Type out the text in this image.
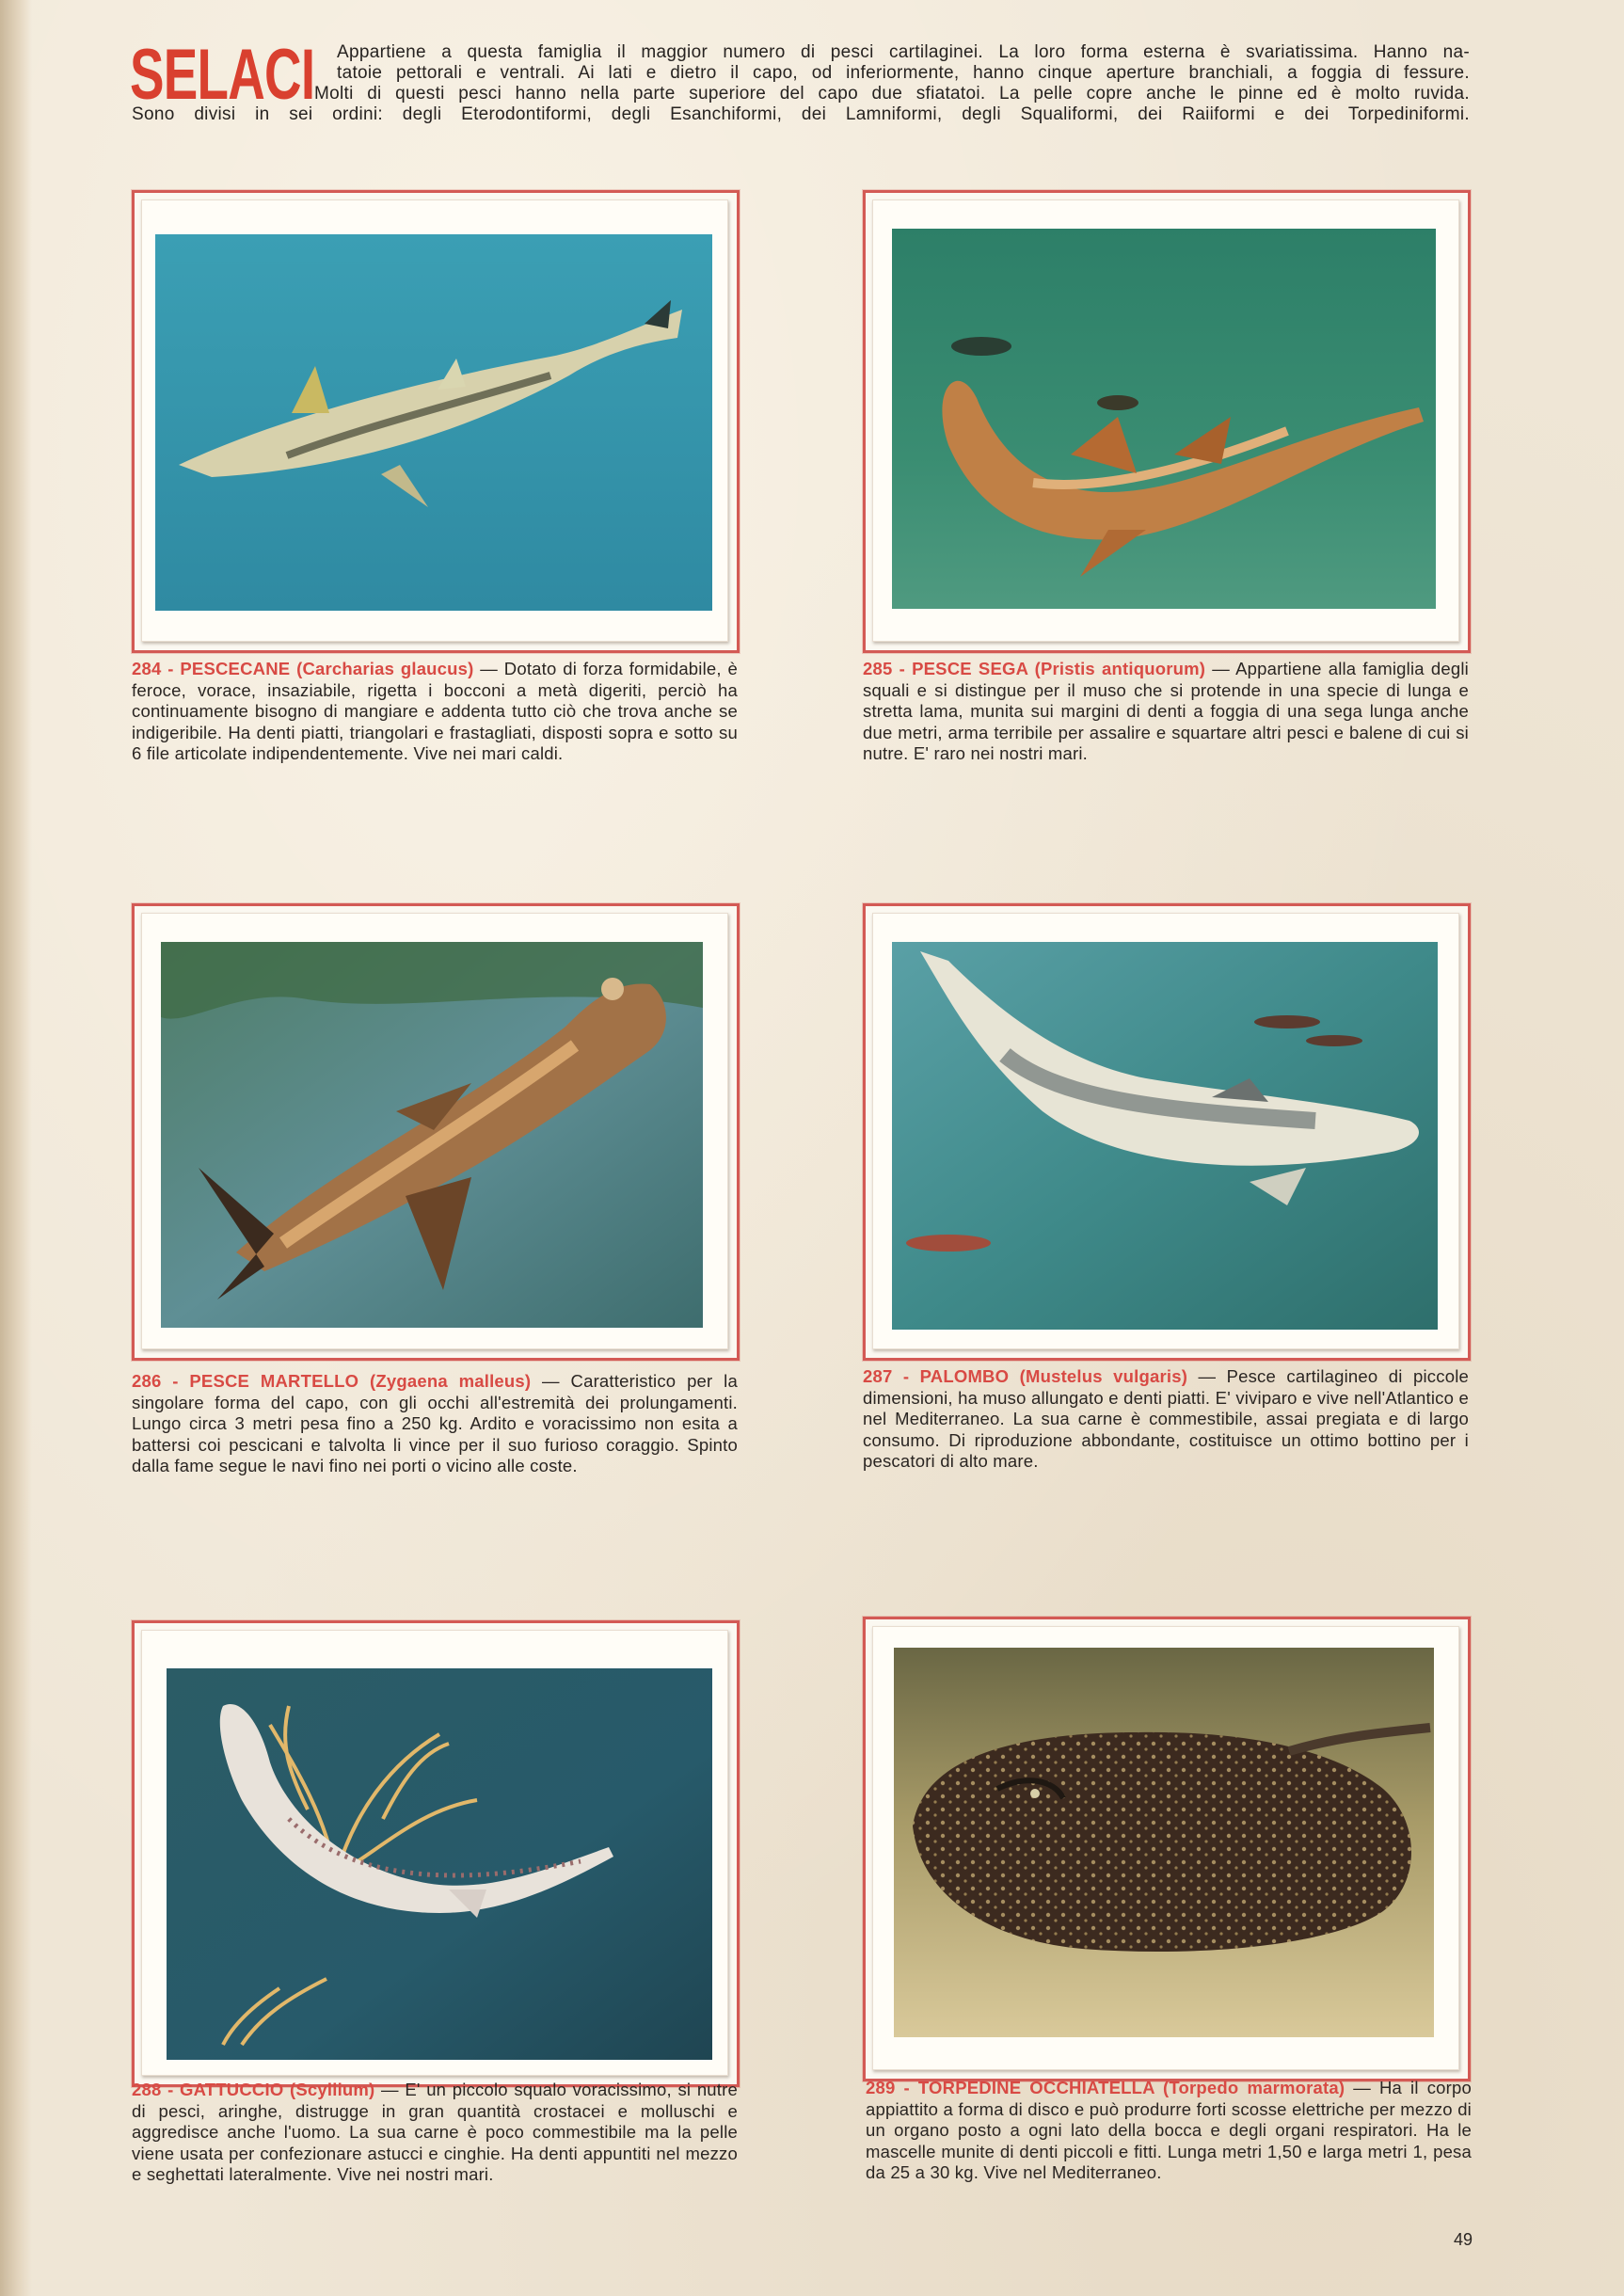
SELACI Appartiene a questa famiglia il maggior numero di pesci cartilaginei. La loro forma esterna è svariatissima. Hanno na-
tatoie pettorali e ventrali. Ai lati e dietro il capo, od inferiormente, hanno cinque aperture branchiali, a foggia di fessure.
Molti di questi pesci hanno nella parte superiore del capo due sfiatatoi. La pelle copre anche le pinne ed è molto ruvida.
Sono divisi in sei ordini: degli Eterodontiformi, degli Esanchiformi, dei Lamniformi, degli Squaliformi, dei Raiiformi e dei Torpediniformi.
284 - PESCECANE (Carcharias glaucus) — Dotato di forza formidabile, è feroce, vorace, insaziabile, rigetta i bocconi a metà digeriti, perciò ha continuamente bisogno di mangiare e addenta tutto ciò che trova anche se indigeribile. Ha denti piatti, triangolari e frastagliati, disposti sopra e sotto su 6 file articolate indipendentemente. Vive nei mari caldi.
285 - PESCE SEGA (Pristis antiquorum) — Appartiene alla famiglia degli squali e si distingue per il muso che si protende in una specie di lunga e stretta lama, munita sui margini di denti a foggia di una sega lunga anche due metri, arma terribile per assalire e squartare altri pesci e balene di cui si nutre. E' raro nei nostri mari.
286 - PESCE MARTELLO (Zygaena malleus) — Caratteristico per la singolare forma del capo, con gli occhi all'estremità dei prolungamenti. Lungo circa 3 metri pesa fino a 250 kg. Ardito e voracissimo non esita a battersi coi pescicani e talvolta li vince per il suo furioso coraggio. Spinto dalla fame segue le navi fino nei porti o vicino alle coste.
287 - PALOMBO (Mustelus vulgaris) — Pesce cartilagineo di piccole dimensioni, ha muso allungato e denti piatti. E' viviparo e vive nell'Atlantico e nel Mediterraneo. La sua carne è commestibile, assai pregiata e di largo consumo. Di riproduzione abbondante, costituisce un ottimo bottino per i pescatori di alto mare.
288 - GATTUCCIO (Scyllium) — E' un piccolo squalo voracissimo, si nutre di pesci, aringhe, distrugge in gran quantità crostacei e molluschi e aggredisce anche l'uomo. La sua carne è poco commestibile ma la pelle viene usata per confezionare astucci e cinghie. Ha denti appuntiti nel mezzo e seghettati lateralmente. Vive nei nostri mari.
289 - TORPEDINE OCCHIATELLA (Torpedo marmorata) — Ha il corpo appiattito a forma di disco e può produrre forti scosse elettriche per mezzo di un organo posto a ogni lato della bocca e degli organi respiratori. Ha le mascelle munite di denti piccoli e fitti. Lunga metri 1,50 e larga metri 1, pesa da 25 a 30 kg. Vive nel Mediterraneo.
49
